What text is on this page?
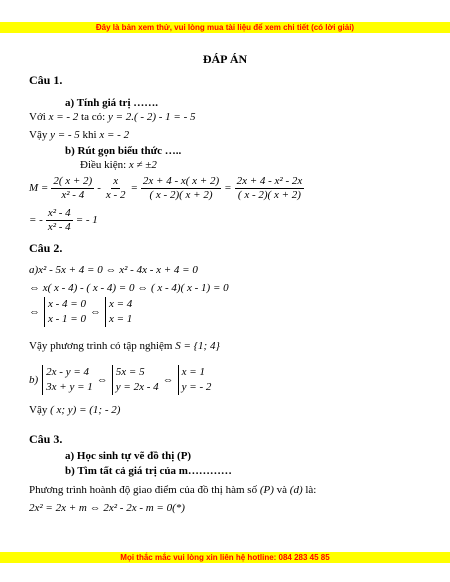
Đây là bản xem thử, vui lòng mua tài liệu để xem chi tiết (có lời giải)
Mọi thắc mắc vui lòng xin liên hệ hotline: 084 283 45 85
ĐÁP ÁN
Câu 1.
a) Tính giá trị …….
Với x = - 2 ta có: y = 2.( - 2) - 1 = - 5
Vậy y = - 5 khi x = - 2
b) Rút gọn biểu thức …..
Điều kiện: x ≠ ±2
$M = \frac{2( x + 2)}{\text{x² - 4}} - \frac{x}{x - 2} = \frac{2x + 4 - x( x + 2)}{( x - 2)( x + 2)} = \frac{\text{2x + 4 - x² - 2x}}{( x - 2)( x + 2)}$
= - $\frac{\text{x² - 4}}{\text{x² - 4}}$ = - 1
Câu 2.
a)x² - 5x + 4 = 0 ⇔ x² - 4x - x + 4 = 0
⇔ x( x - 4) - ( x - 4) = 0 ⇔ ( x - 4)( x - 1) = 0
⇔
x - 4 = 0
x - 1 = 0
⇔
x = 4
x = 1
Vậy phương trình có tập nghiệm S = {1; 4}
b)
2x - y = 4
3x + y = 1
⇔
5x = 5
y = 2x - 4
⇔
x = 1
y = - 2
Vậy ( x; y) = (1; - 2)
Câu 3.
a) Học sinh tự vẽ đồ thị (P)
b) Tìm tất cả giá trị của m…………
Phương trình hoành độ giao điểm của đồ thị hàm số (P) và (d) là:
2x² = 2x + m ⇔ 2x² - 2x - m = 0(*)
